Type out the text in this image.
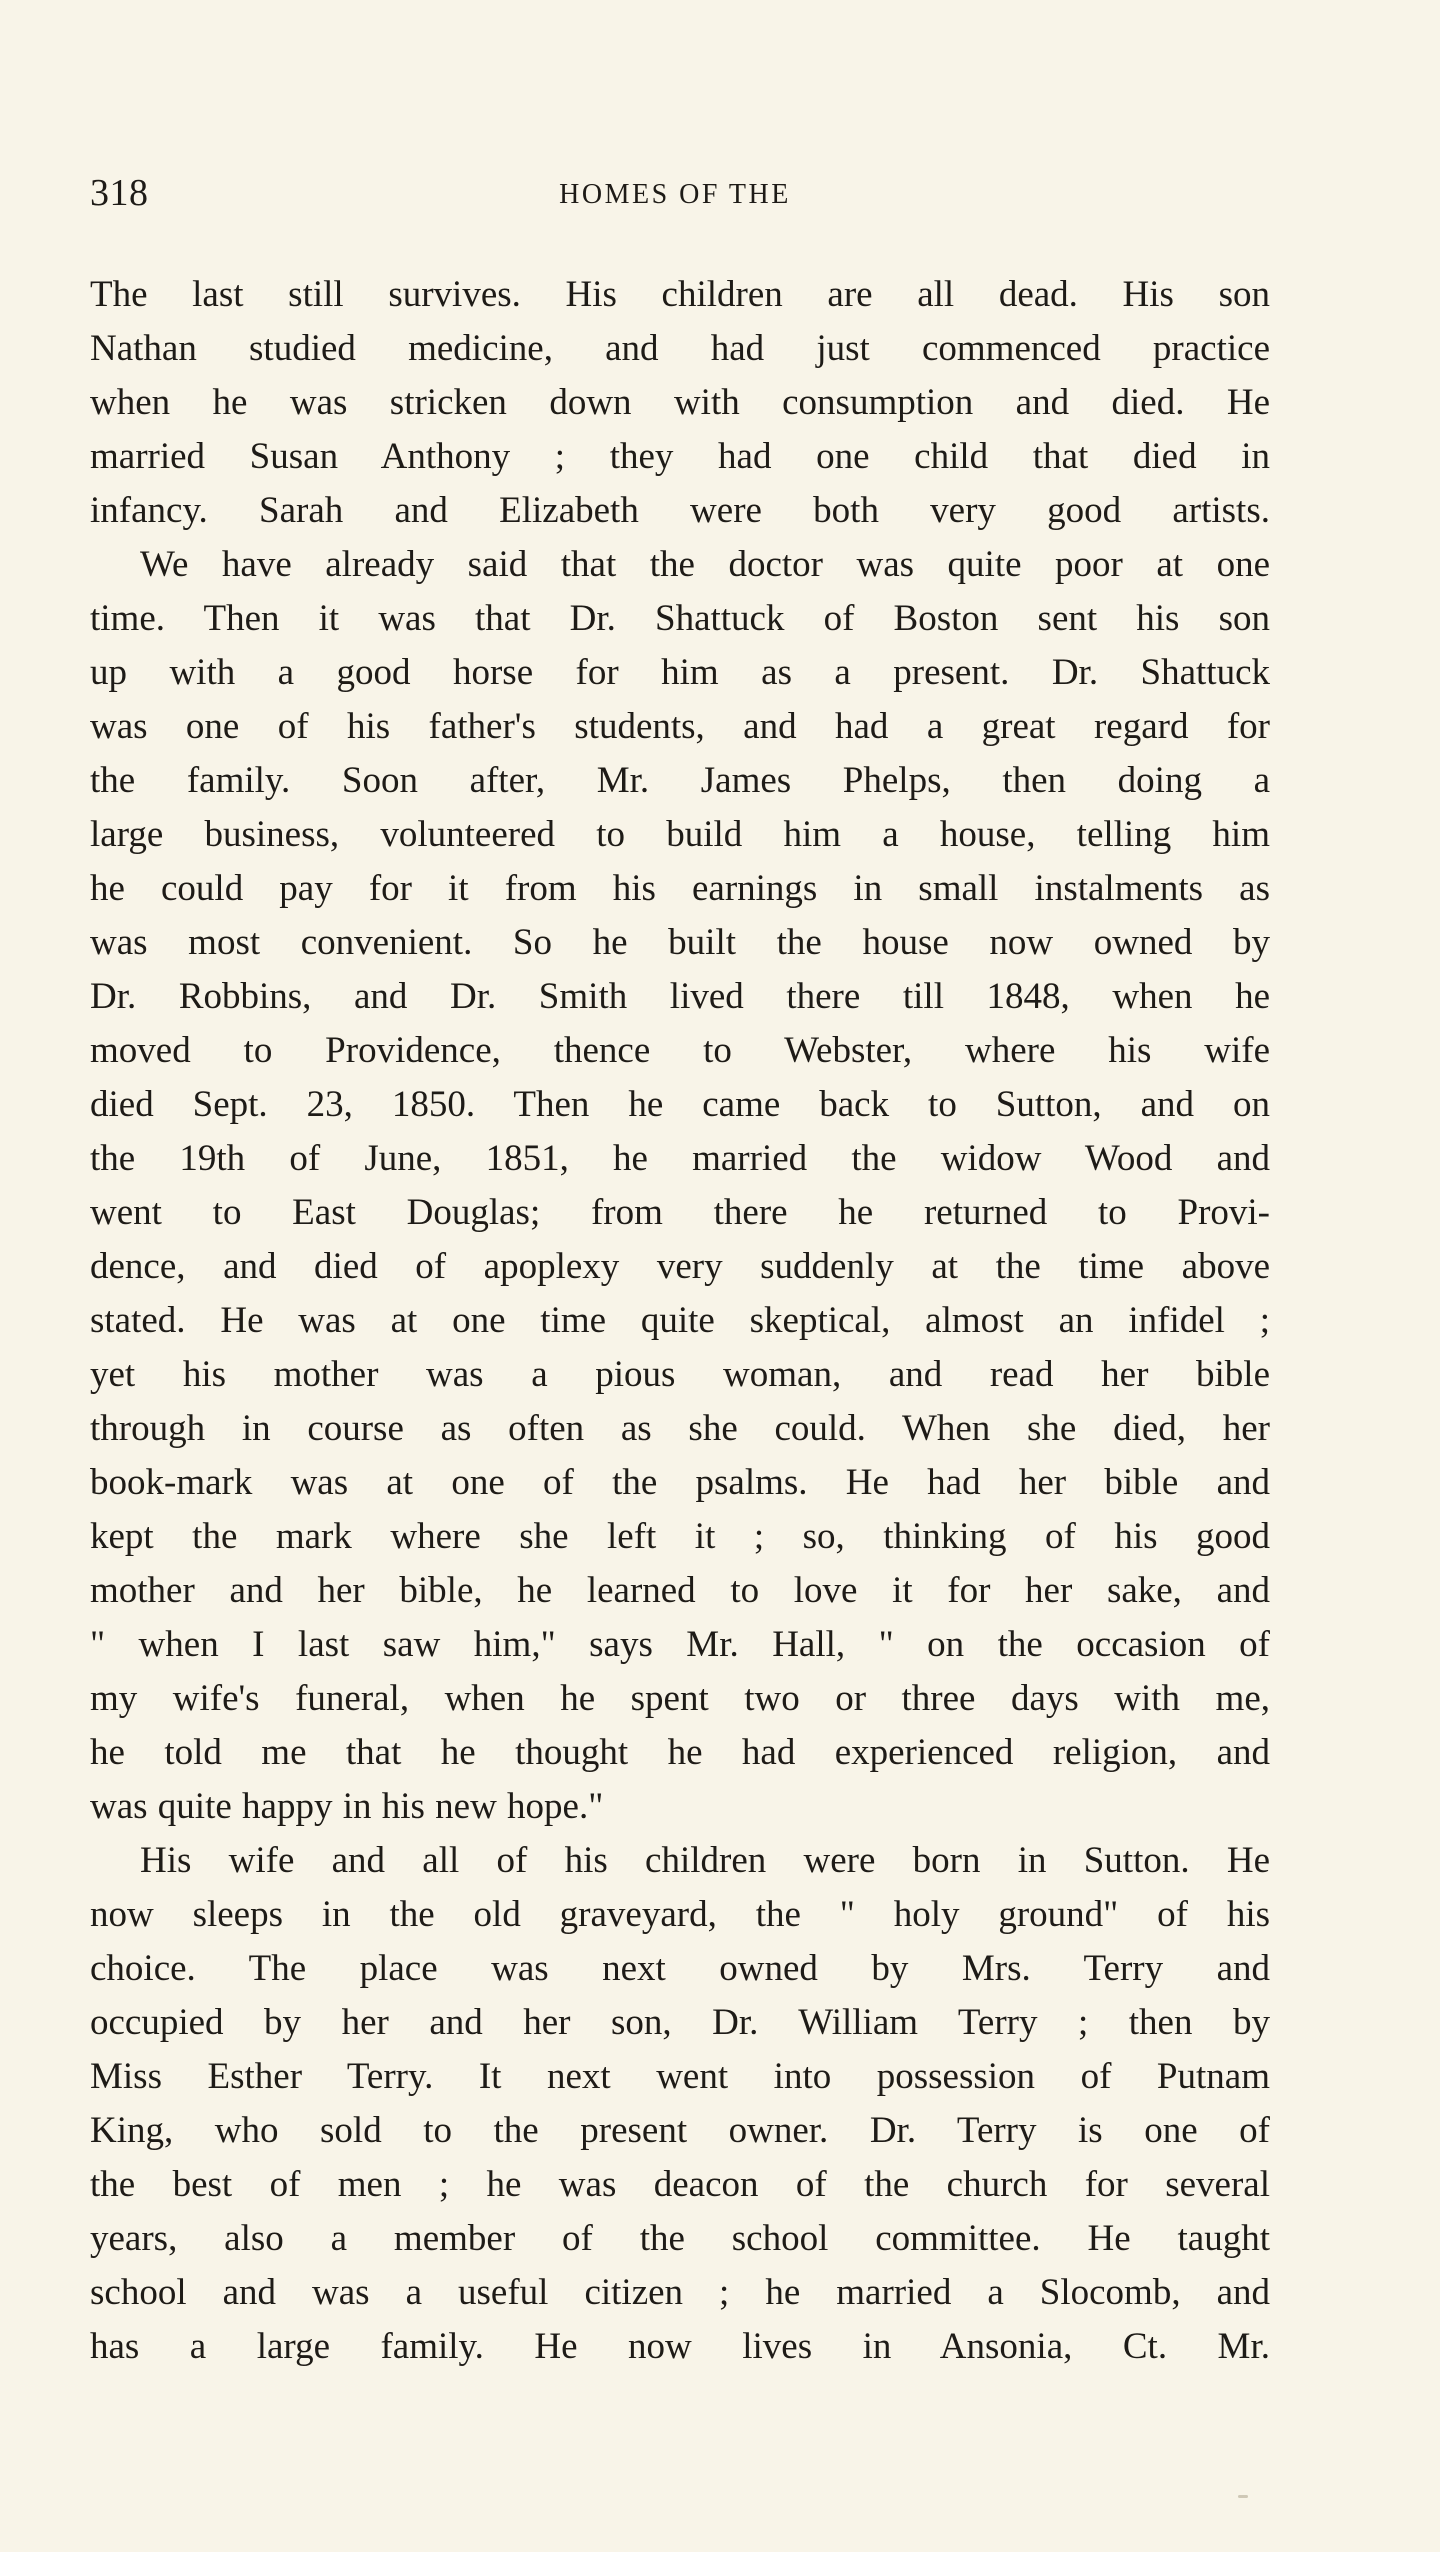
318	HOMES OF THE
The last still survives. His children are all dead. His son
Nathan studied medicine, and had just commenced practice
when he was stricken down with consumption and died. He
married Susan Anthony ; they had one child that died in
infancy. Sarah and Elizabeth were both very good artists.
We have already said that the doctor was quite poor at one
time. Then it was that Dr. Shattuck of Boston sent his son
up with a good horse for him as a present. Dr. Shattuck
was one of his father's students, and had a great regard for
the family. Soon after, Mr. James Phelps, then doing a
large business, volunteered to build him a house, telling him
he could pay for it from his earnings in small instalments as
was most convenient. So he built the house now owned by
Dr. Robbins, and Dr. Smith lived there till 1848, when he
moved to Providence, thence to Webster, where his wife
died Sept. 23, 1850. Then he came back to Sutton, and on
the 19th of June, 1851, he married the widow Wood and
went to East Douglas; from there he returned to Provi-
dence, and died of apoplexy very suddenly at the time above
stated. He was at one time quite skeptical, almost an infidel ;
yet his mother was a pious woman, and read her bible
through in course as often as she could. When she died, her
book-mark was at one of the psalms. He had her bible and
kept the mark where she left it ; so, thinking of his good
mother and her bible, he learned to love it for her sake, and
" when I last saw him," says Mr. Hall, " on the occasion of
my wife's funeral, when he spent two or three days with me,
he told me that he thought he had experienced religion, and
was quite happy in his new hope."
His wife and all of his children were born in Sutton. He
now sleeps in the old graveyard, the " holy ground" of his
choice. The place was next owned by Mrs. Terry and
occupied by her and her son, Dr. William Terry ; then by
Miss Esther Terry. It next went into possession of Putnam
King, who sold to the present owner. Dr. Terry is one of
the best of men ; he was deacon of the church for several
years, also a member of the school committee. He taught
school and was a useful citizen ; he married a Slocomb, and
has a large family. He now lives in Ansonia, Ct. Mr.
